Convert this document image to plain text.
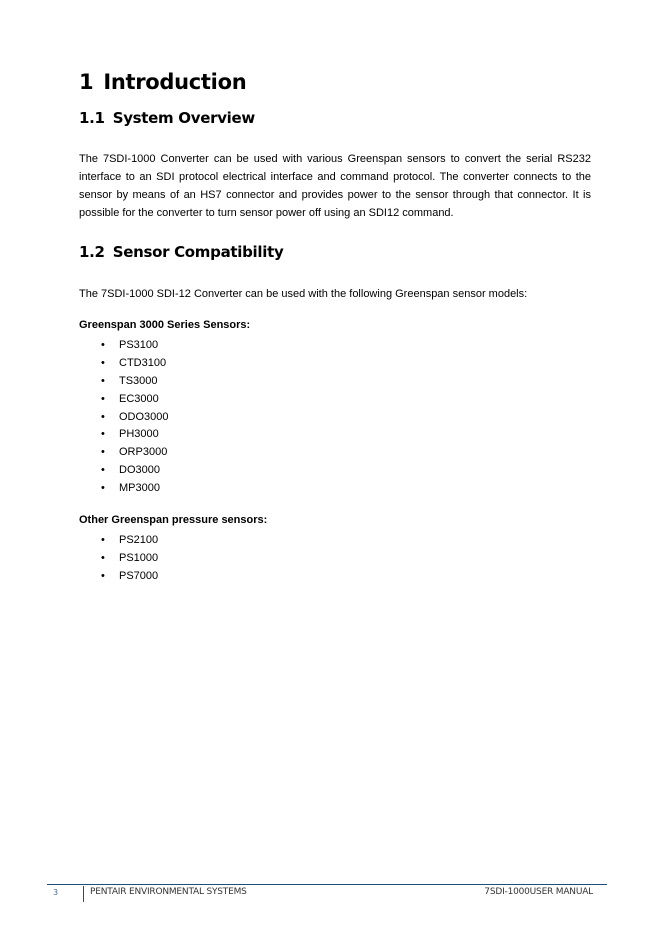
1 Introduction
1.1 System Overview

The 7SDI-1000 Converter can be used with various Greenspan sensors to convert the serial RS232 interface to an SDI protocol electrical interface and command protocol. The converter connects to the sensor by means of an HS7 connector and provides power to the sensor through that connector. It is possible for the converter to turn sensor power off using an SDI12 command.

1.2 Sensor Compatibility

The 7SDI-1000 SDI-12 Converter can be used with the following Greenspan sensor models:

Greenspan 3000 Series Sensors:

• PS3100
• CTD3100
• TS3000
• EC3000
• ODO3000
• PH3000
• ORP3000
• DO3000
• MP3000

Other Greenspan pressure sensors:

• PS2100
• PS1000
• PS7000
3	PENTAIR ENVIRONMENTAL SYSTEMS	7SDI-1000USER MANUAL
